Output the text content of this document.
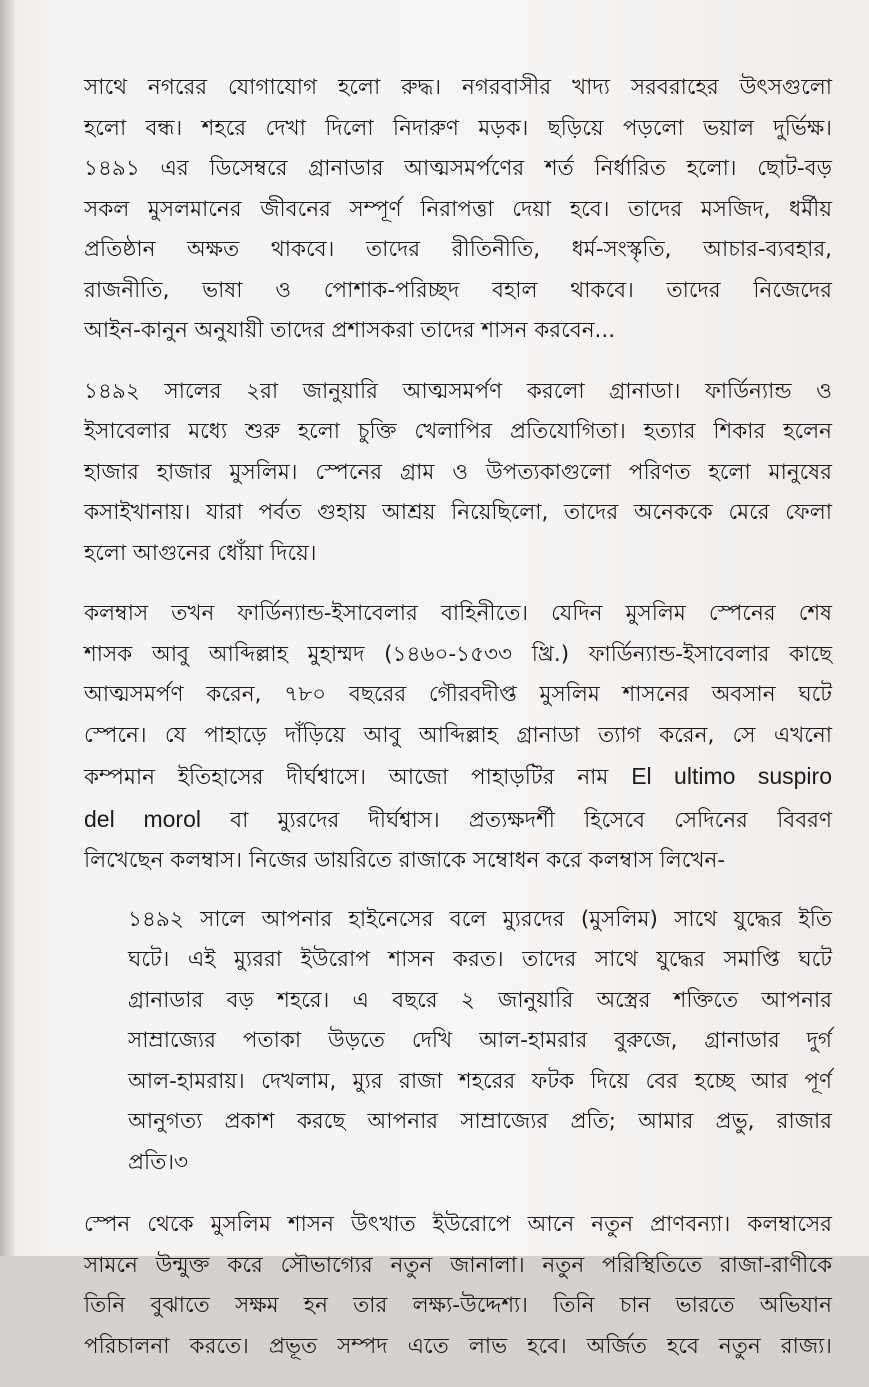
সাথে নগরের যোগাযোগ হলো রুদ্ধ। নগরবাসীর খাদ্য সরবরাহের উৎসগুলো
হলো বন্ধ। শহরে দেখা দিলো নিদারুণ মড়ক। ছড়িয়ে পড়লো ভয়াল দুর্ভিক্ষ।
১৪৯১ এর ডিসেম্বরে গ্রানাডার আত্মসমর্পণের শর্ত নির্ধারিত হলো। ছোট-বড়
সকল মুসলমানের জীবনের সম্পূর্ণ নিরাপত্তা দেয়া হবে। তাদের মসজিদ, ধর্মীয়
প্রতিষ্ঠান অক্ষত থাকবে। তাদের রীতিনীতি, ধর্ম-সংস্কৃতি, আচার-ব্যবহার,
রাজনীতি, ভাষা ও পোশাক-পরিচ্ছদ বহাল থাকবে। তাদের নিজেদের
আইন-কানুন অনুযায়ী তাদের প্রশাসকরা তাদের শাসন করবেন...
১৪৯২ সালের ২রা জানুয়ারি আত্মসমর্পণ করলো গ্রানাডা। ফার্ডিন্যান্ড ও
ইসাবেলার মধ্যে শুরু হলো চুক্তি খেলাপির প্রতিযোগিতা। হত্যার শিকার হলেন
হাজার হাজার মুসলিম। স্পেনের গ্রাম ও উপত্যকাগুলো পরিণত হলো মানুষের
কসাইখানায়। যারা পর্বত গুহায় আশ্রয় নিয়েছিলো, তাদের অনেককে মেরে ফেলা
হলো আগুনের ধোঁয়া দিয়ে।
কলম্বাস তখন ফার্ডিন্যান্ড-ইসাবেলার বাহিনীতে। যেদিন মুসলিম স্পেনের শেষ
শাসক আবু আব্দিল্লাহ মুহাম্মদ (১৪৬০-১৫৩৩ খ্রি.) ফার্ডিন্যান্ড-ইসাবেলার কাছে
আত্মসমর্পণ করেন, ৭৮০ বছরের গৌরবদীপ্ত মুসলিম শাসনের অবসান ঘটে
স্পেনে। যে পাহাড়ে দাঁড়িয়ে আবু আব্দিল্লাহ গ্রানাডা ত্যাগ করেন, সে এখনো
কম্পমান ইতিহাসের দীর্ঘশ্বাসে। আজো পাহাড়টির নাম El ultimo suspiro
del morol বা ম্যুরদের দীর্ঘশ্বাস। প্রত্যক্ষদর্শী হিসেবে সেদিনের বিবরণ
লিখেছেন কলম্বাস। নিজের ডায়রিতে রাজাকে সম্বোধন করে কলম্বাস লিখেন-
১৪৯২ সালে আপনার হাইনেসের বলে ম্যুরদের (মুসলিম) সাথে যুদ্ধের ইতি
ঘটে। এই ম্যুররা ইউরোপ শাসন করত। তাদের সাথে যুদ্ধের সমাপ্তি ঘটে
গ্রানাডার বড় শহরে। এ বছরে ২ জানুয়ারি অস্ত্রের শক্তিতে আপনার
সাম্রাজ্যের পতাকা উড়তে দেখি আল-হামরার বুরুজে, গ্রানাডার দুর্গ
আল-হামরায়। দেখলাম, ম্যুর রাজা শহরের ফটক দিয়ে বের হচ্ছে আর পূর্ণ
আনুগত্য প্রকাশ করছে আপনার সাম্রাজ্যের প্রতি; আমার প্রভু, রাজার
প্রতি।৩
স্পেন থেকে মুসলিম শাসন উৎখাত ইউরোপে আনে নতুন প্রাণবন্যা। কলম্বাসের
সামনে উন্মুক্ত করে সৌভাগ্যের নতুন জানালা। নতুন পরিস্থিতিতে রাজা-রাণীকে
তিনি বুঝাতে সক্ষম হন তার লক্ষ্য-উদ্দেশ্য। তিনি চান ভারতে অভিযান
পরিচালনা করতে। প্রভূত সম্পদ এতে লাভ হবে। অর্জিত হবে নতুন রাজ্য।
